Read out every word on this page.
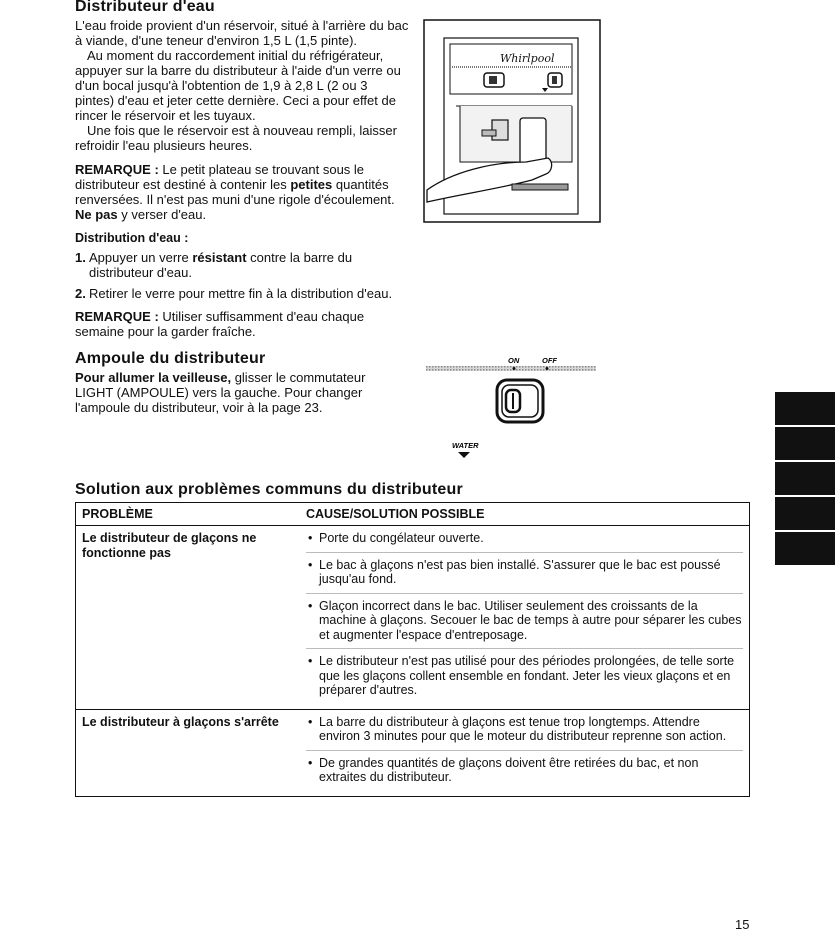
Distributeur d'eau

L'eau froide provient d'un réservoir, situé à l'arrière du bac à viande, d'une teneur d'environ 1,5 L (1,5 pinte).

Au moment du raccordement initial du réfrigérateur, appuyer sur la barre du distributeur à l'aide d'un verre ou d'un bocal jusqu'à l'obtention de 1,9 à 2,8 L (2 ou 3 pintes) d'eau et jeter cette dernière. Ceci a pour effet de rincer le réservoir et les tuyaux.

Une fois que le réservoir est à nouveau rempli, laisser refroidir l'eau plusieurs heures.

REMARQUE : Le petit plateau se trouvant sous le distributeur est destiné à contenir les petites quantités renversées. Il n'est pas muni d'une rigole d'écoulement. Ne pas y verser d'eau.

Distribution d'eau :

1. Appuyer un verre résistant contre la barre du distributeur d'eau.
2. Retirer le verre pour mettre fin à la distribution d'eau.

REMARQUE : Utiliser suffisamment d'eau chaque semaine pour la garder fraîche.

Whirlpool
Ampoule du distributeur

Pour allumer la veilleuse, glisser le commutateur LIGHT (AMPOULE) vers la gauche. Pour changer l'ampoule du distributeur, voir à la page 23.

ON	OFF
WATER
Solution aux problèmes communs du distributeur
PROBLÈME	CAUSE/SOLUTION POSSIBLE
Le distributeur de glaçons ne fonctionne pas	• Porte du congélateur ouverte.
• Le bac à glaçons n'est pas bien installé. S'assurer que le bac est poussé jusqu'au fond.
• Glaçon incorrect dans le bac. Utiliser seulement des croissants de la machine à glaçons. Secouer le bac de temps à autre pour séparer les cubes et augmenter l'espace d'entreposage.
• Le distributeur n'est pas utilisé pour des périodes prolongées, de telle sorte que les glaçons collent ensemble en fondant. Jeter les vieux glaçons et en préparer d'autres.

Le distributeur à glaçons s'arrête	• La barre du distributeur à glaçons est tenue trop longtemps. Attendre environ 3 minutes pour que le moteur du distributeur reprenne son action.
• De grandes quantités de glaçons doivent être retirées du bac, et non extraites du distributeur.
15
